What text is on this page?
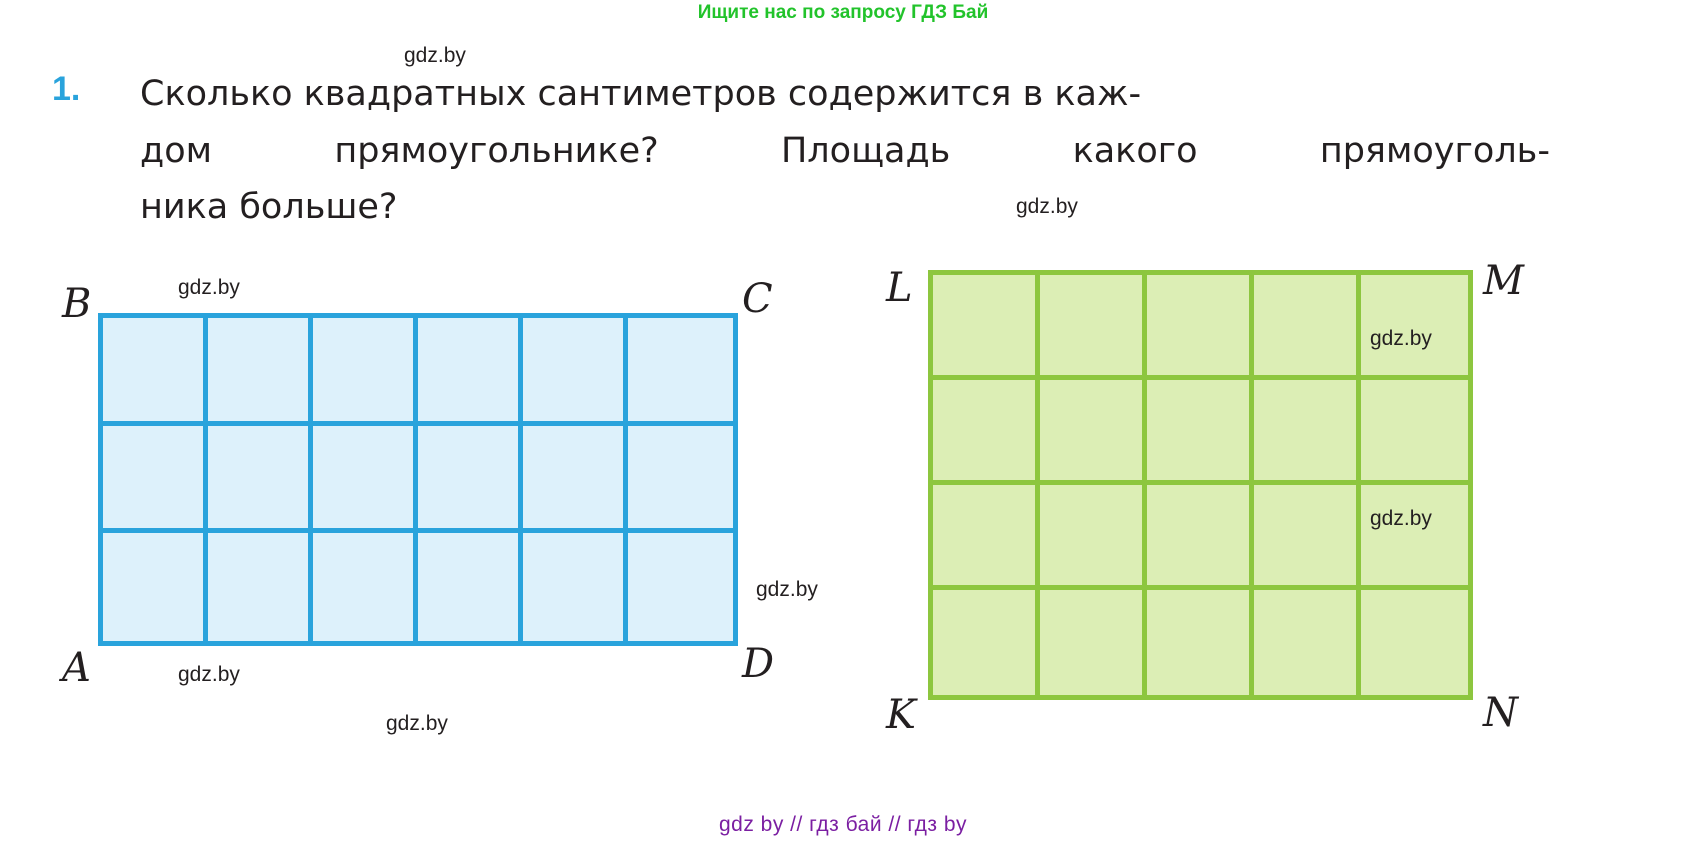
Ищите нас по запросу ГДЗ Бай
gdz.by
1. Сколько квадратных сантиметров содержится в каж-
дом	прямоугольнике?	Площадь	какого	прямоуголь-
ника больше?	gdz.by
B	C
A	D
gdz.by
gdz.by
gdz.by
gdz.by
L	M
K	N
gdz.by
gdz.by
gdz by // гдз бай // гдз by
